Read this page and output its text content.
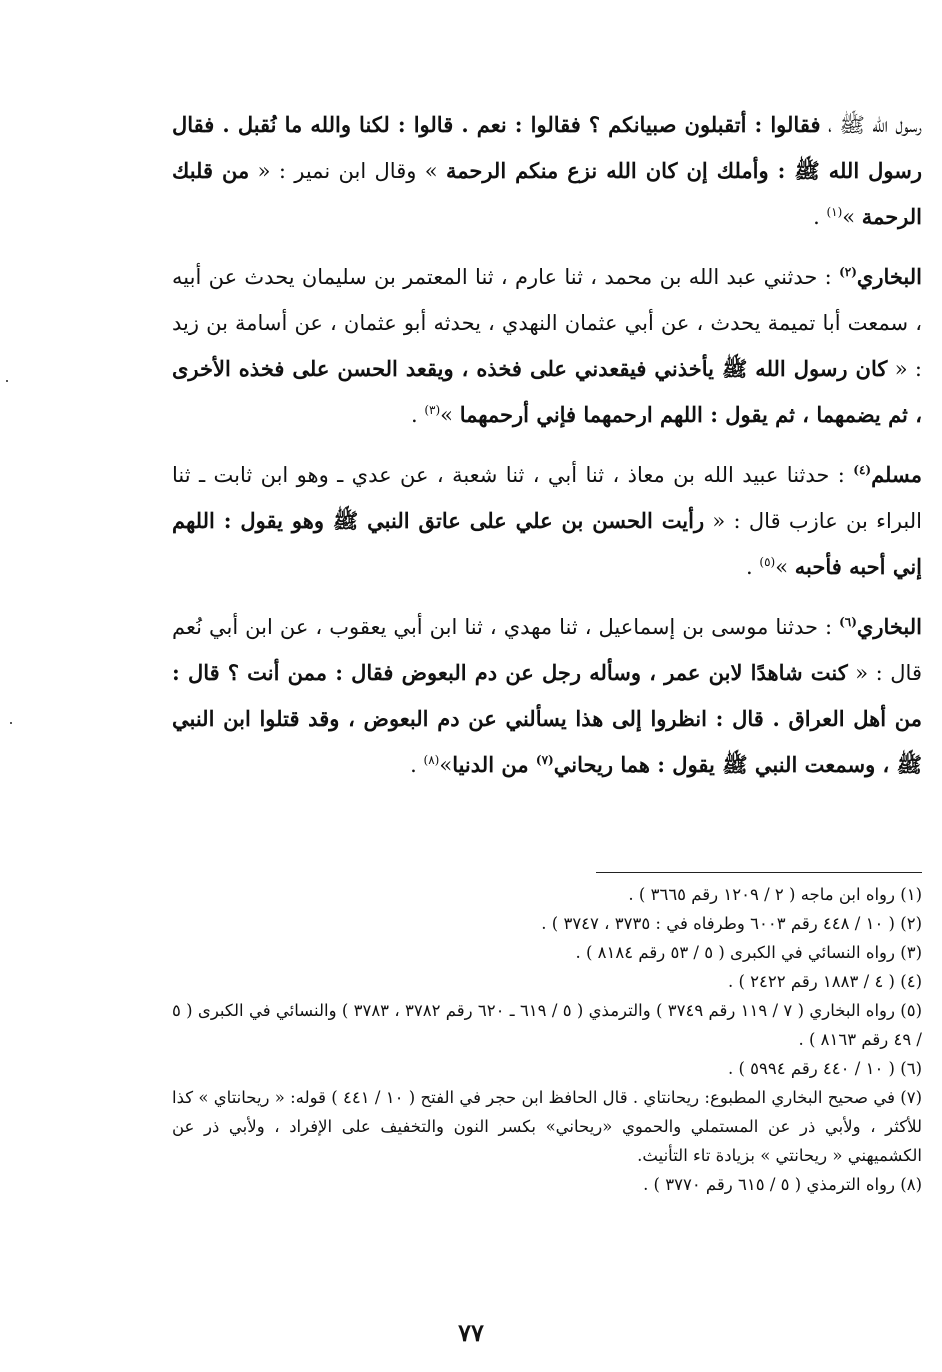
رسول الله ﷺ ، فقالوا : أتقبلون صبيانكم ؟ فقالوا : نعم . قالوا : لكنا والله ما نُقبل . فقال رسول الله ﷺ : وأملك إن كان الله نزع منكم الرحمة » وقال ابن نمير : « من قلبك الرحمة »$^{(١)}$ .

البخاري$^{(٢)}$ : حدثني عبد الله بن محمد ، ثنا عارم ، ثنا المعتمر بن سليمان يحدث عن أبيه ، سمعت أبا تميمة يحدث ، عن أبي عثمان النهدي ، يحدثه أبو عثمان ، عن أسامة بن زيد : « كان رسول الله ﷺ يأخذني فيقعدني على فخذه ، ويقعد الحسن على فخذه الأخرى ، ثم يضمهما ، ثم يقول : اللهم ارحمهما فإني أرحمهما »$^{(٣)}$ .

مسلم$^{(٤)}$ : حدثنا عبيد الله بن معاذ ، ثنا أبي ، ثنا شعبة ، عن عدي ـ وهو ابن ثابت ـ ثنا البراء بن عازب قال : « رأيت الحسن بن علي على عاتق النبي ﷺ وهو يقول : اللهم إني أحبه فأحبه »$^{(٥)}$ .

البخاري$^{(٦)}$ : حدثنا موسى بن إسماعيل ، ثنا مهدي ، ثنا ابن أبي يعقوب ، عن ابن أبي نُعم قال : « كنت شاهدًا لابن عمر ، وسأله رجل عن دم البعوض فقال : ممن أنت ؟ قال : من أهل العراق . قال : انظروا إلى هذا يسألني عن دم البعوض ، وقد قتلوا ابن النبي ﷺ ، وسمعت النبي ﷺ يقول : هما ريحاني$^{(٧)}$ من الدنيا»$^{(٨)}$ .

(١) رواه ابن ماجه ( ٢ / ١٢٠٩ رقم ٣٦٦٥ ) .

(٢) ( ١٠ / ٤٤٨ رقم ٦٠٠٣ وطرفاه في : ٣٧٣٥ ، ٣٧٤٧ ) .

(٣) رواه النسائي في الكبرى ( ٥ / ٥٣ رقم ٨١٨٤ ) .

(٤) ( ٤ / ١٨٨٣ رقم ٢٤٢٢ ) .

(٥) رواه البخاري ( ٧ / ١١٩ رقم ٣٧٤٩ ) والترمذي ( ٥ / ٦١٩ ـ ٦٢٠ رقم ٣٧٨٢ ، ٣٧٨٣ ) والنسائي في الكبرى ( ٥ / ٤٩ رقم ٨١٦٣ ) .

(٦) ( ١٠ / ٤٤٠ رقم ٥٩٩٤ ) .

(٧) في صحيح البخاري المطبوع: ريحانتاي . قال الحافظ ابن حجر في الفتح ( ١٠ / ٤٤١ ) قوله: « ريحانتاي » كذا للأكثر ، ولأبي ذر عن المستملي والحموي «ريحاني» بكسر النون والتخفيف على الإفراد ، ولأبي ذر عن الكشميهني « ريحانتي » بزيادة تاء التأنيث.

(٨) رواه الترمذي ( ٥ / ٦١٥ رقم ٣٧٧٠ ) .

٧٧
